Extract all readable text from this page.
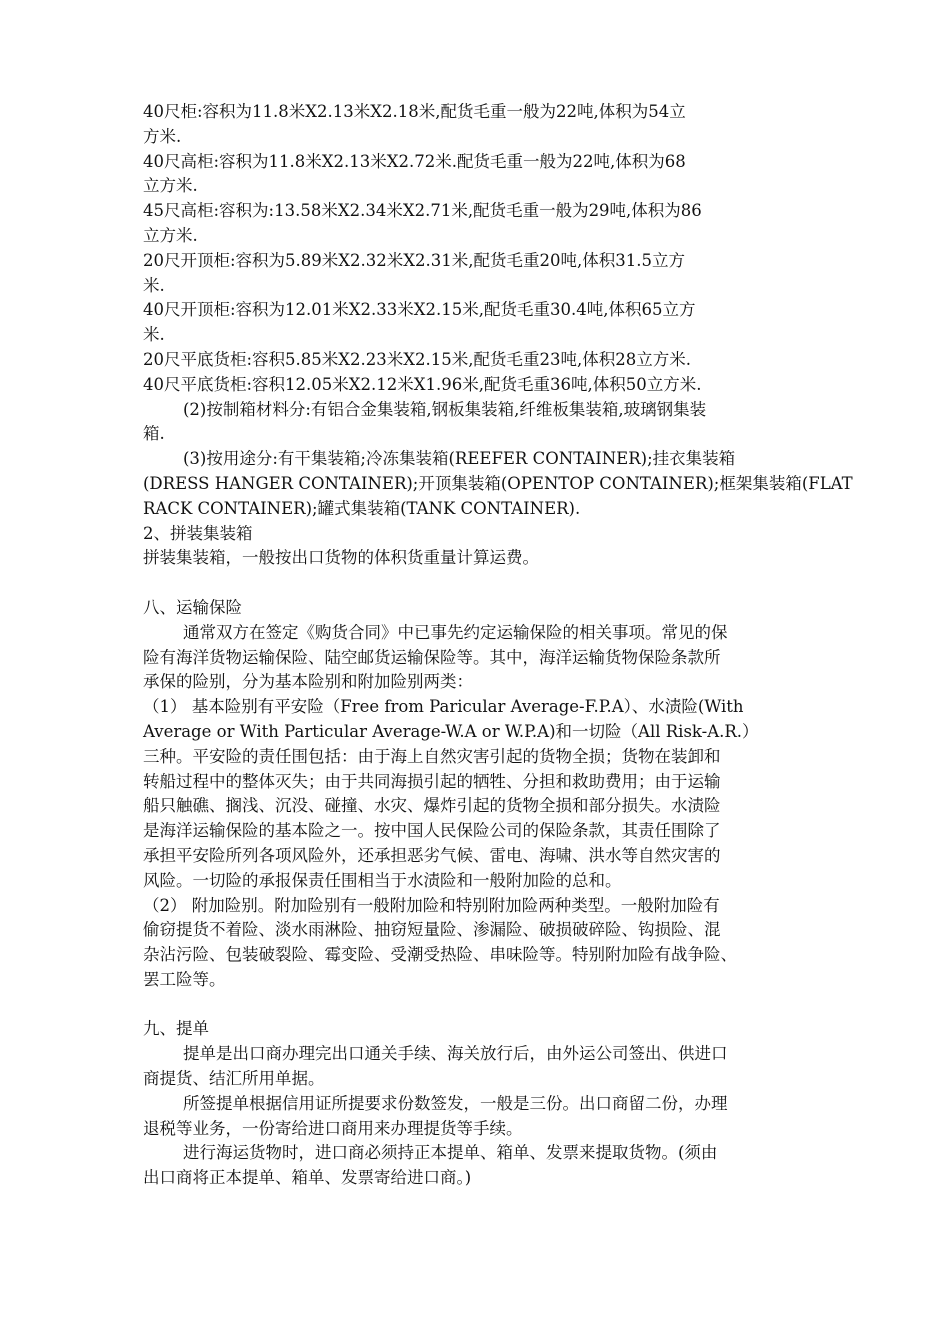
40尺柜:容积为11.8米X2.13米X2.18米,配货毛重一般为22吨,体积为54立
方米.
40尺高柜:容积为11.8米X2.13米X2.72米.配货毛重一般为22吨,体积为68
立方米.
45尺高柜:容积为:13.58米X2.34米X2.71米,配货毛重一般为29吨,体积为86
立方米.
20尺开顶柜:容积为5.89米X2.32米X2.31米,配货毛重20吨,体积31.5立方
米.
40尺开顶柜:容积为12.01米X2.33米X2.15米,配货毛重30.4吨,体积65立方
米.
20尺平底货柜:容积5.85米X2.23米X2.15米,配货毛重23吨,体积28立方米.
40尺平底货柜:容积12.05米X2.12米X1.96米,配货毛重36吨,体积50立方米.
(2)按制箱材料分:有铝合金集装箱,钢板集装箱,纤维板集装箱,玻璃钢集装
箱.
(3)按用途分:有干集装箱;冷冻集装箱(REEFER CONTAINER);挂衣集装箱
(DRESS HANGER CONTAINER);开顶集装箱(OPENTOP CONTAINER);框架集装箱(FLAT
RACK CONTAINER);罐式集装箱(TANK CONTAINER).
2、拼装集装箱
拼装集装箱，一般按出口货物的体积货重量计算运费。
八、运输保险
通常双方在签定《购货合同》中已事先约定运输保险的相关事项。常见的保
险有海洋货物运输保险、陆空邮货运输保险等。其中，海洋运输货物保险条款所
承保的险别，分为基本险别和附加险别两类：
（1） 基本险别有平安险（Free from Paricular Average-F.P.A）、水渍险(With
Average or With Particular Average-W.A or W.P.A)和一切险（All Risk-A.R.）
三种。平安险的责任围包括：由于海上自然灾害引起的货物全损；货物在装卸和
转船过程中的整体灭失；由于共同海损引起的牺牲、分担和救助费用；由于运输
船只触礁、搁浅、沉没、碰撞、水灾、爆炸引起的货物全损和部分损失。水渍险
是海洋运输保险的基本险之一。按中国人民保险公司的保险条款，其责任围除了
承担平安险所列各项风险外，还承担恶劣气候、雷电、海啸、洪水等自然灾害的
风险。一切险的承报保责任围相当于水渍险和一般附加险的总和。
（2） 附加险别。附加险别有一般附加险和特别附加险两种类型。一般附加险有
偷窃提货不着险、淡水雨淋险、抽窃短量险、渗漏险、破损破碎险、钩损险、混
杂沾污险、包装破裂险、霉变险、受潮受热险、串味险等。特别附加险有战争险、
罢工险等。
九、提单
提单是出口商办理完出口通关手续、海关放行后，由外运公司签出、供进口
商提货、结汇所用单据。
所签提单根据信用证所提要求份数签发，一般是三份。出口商留二份，办理
退税等业务，一份寄给进口商用来办理提货等手续。
进行海运货物时，进口商必须持正本提单、箱单、发票来提取货物。(须由
出口商将正本提单、箱单、发票寄给进口商。)
